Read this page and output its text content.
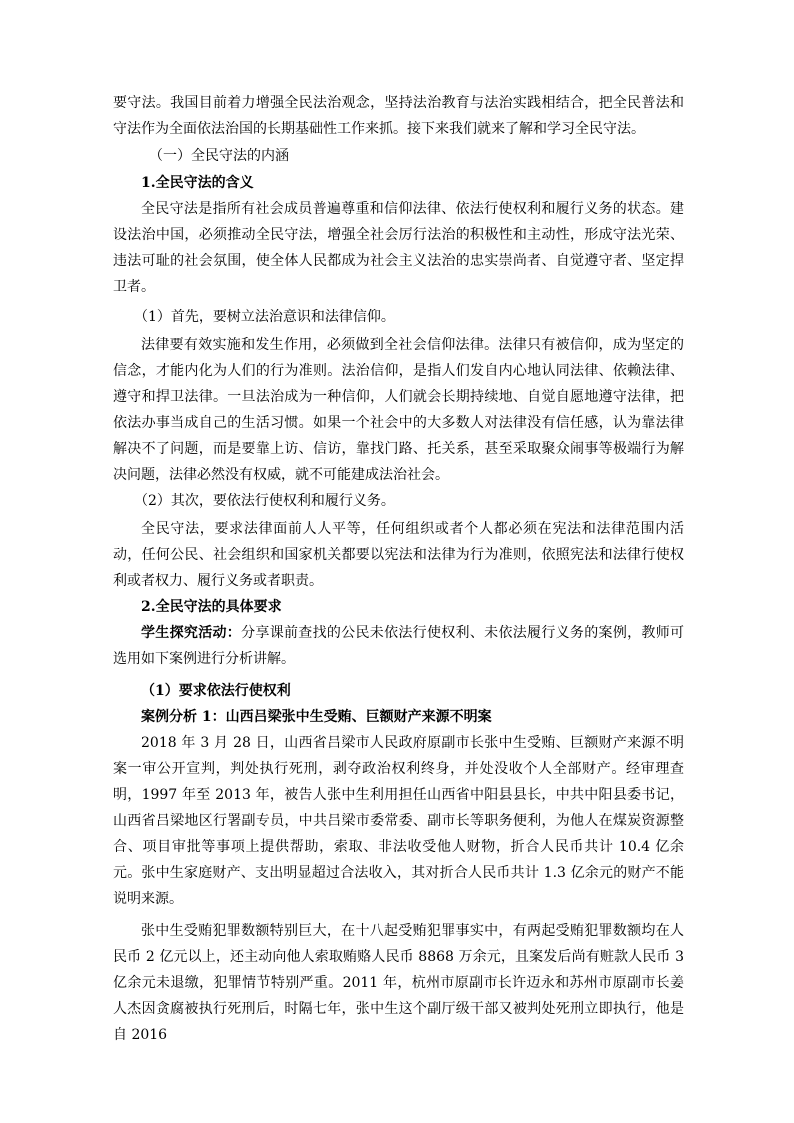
要守法。我国目前着力增强全民法治观念，坚持法治教育与法治实践相结合，把全民普法和守法作为全面依法治国的长期基础性工作来抓。接下来我们就来了解和学习全民守法。

（一）全民守法的内涵

1.全民守法的含义

全民守法是指所有社会成员普遍尊重和信仰法律、依法行使权利和履行义务的状态。建设法治中国，必须推动全民守法，增强全社会厉行法治的积极性和主动性，形成守法光荣、违法可耻的社会氛围，使全体人民都成为社会主义法治的忠实崇尚者、自觉遵守者、坚定捍卫者。

（1）首先，要树立法治意识和法律信仰。

法律要有效实施和发生作用，必须做到全社会信仰法律。法律只有被信仰，成为坚定的信念，才能内化为人们的行为准则。法治信仰，是指人们发自内心地认同法律、依赖法律、遵守和捍卫法律。一旦法治成为一种信仰，人们就会长期持续地、自觉自愿地遵守法律，把依法办事当成自己的生活习惯。如果一个社会中的大多数人对法律没有信任感，认为靠法律解决不了问题，而是要靠上访、信访，靠找门路、托关系，甚至采取聚众闹事等极端行为解决问题，法律必然没有权威，就不可能建成法治社会。

（2）其次，要依法行使权利和履行义务。

全民守法，要求法律面前人人平等，任何组织或者个人都必须在宪法和法律范围内活动，任何公民、社会组织和国家机关都要以宪法和法律为行为准则，依照宪法和法律行使权利或者权力、履行义务或者职责。

2.全民守法的具体要求

学生探究活动：分享课前查找的公民未依法行使权利、未依法履行义务的案例，教师可选用如下案例进行分析讲解。

（1）要求依法行使权利

案例分析 1：山西吕梁张中生受贿、巨额财产来源不明案

2018 年 3 月 28 日，山西省吕梁市人民政府原副市长张中生受贿、巨额财产来源不明案一审公开宣判，判处执行死刑，剥夺政治权利终身，并处没收个人全部财产。经审理查明，1997 年至 2013 年，被告人张中生利用担任山西省中阳县县长，中共中阳县委书记，山西省吕梁地区行署副专员，中共吕梁市委常委、副市长等职务便利，为他人在煤炭资源整合、项目审批等事项上提供帮助，索取、非法收受他人财物，折合人民币共计 10.4 亿余元。张中生家庭财产、支出明显超过合法收入，其对折合人民币共计 1.3 亿余元的财产不能说明来源。

张中生受贿犯罪数额特别巨大，在十八起受贿犯罪事实中，有两起受贿犯罪数额均在人民币 2 亿元以上，还主动向他人索取贿赂人民币 8868 万余元，且案发后尚有赃款人民币 3 亿余元未退缴，犯罪情节特别严重。2011 年，杭州市原副市长许迈永和苏州市原副市长姜人杰因贪腐被执行死刑后，时隔七年，张中生这个副厅级干部又被判处死刑立即执行，他是自 2016
